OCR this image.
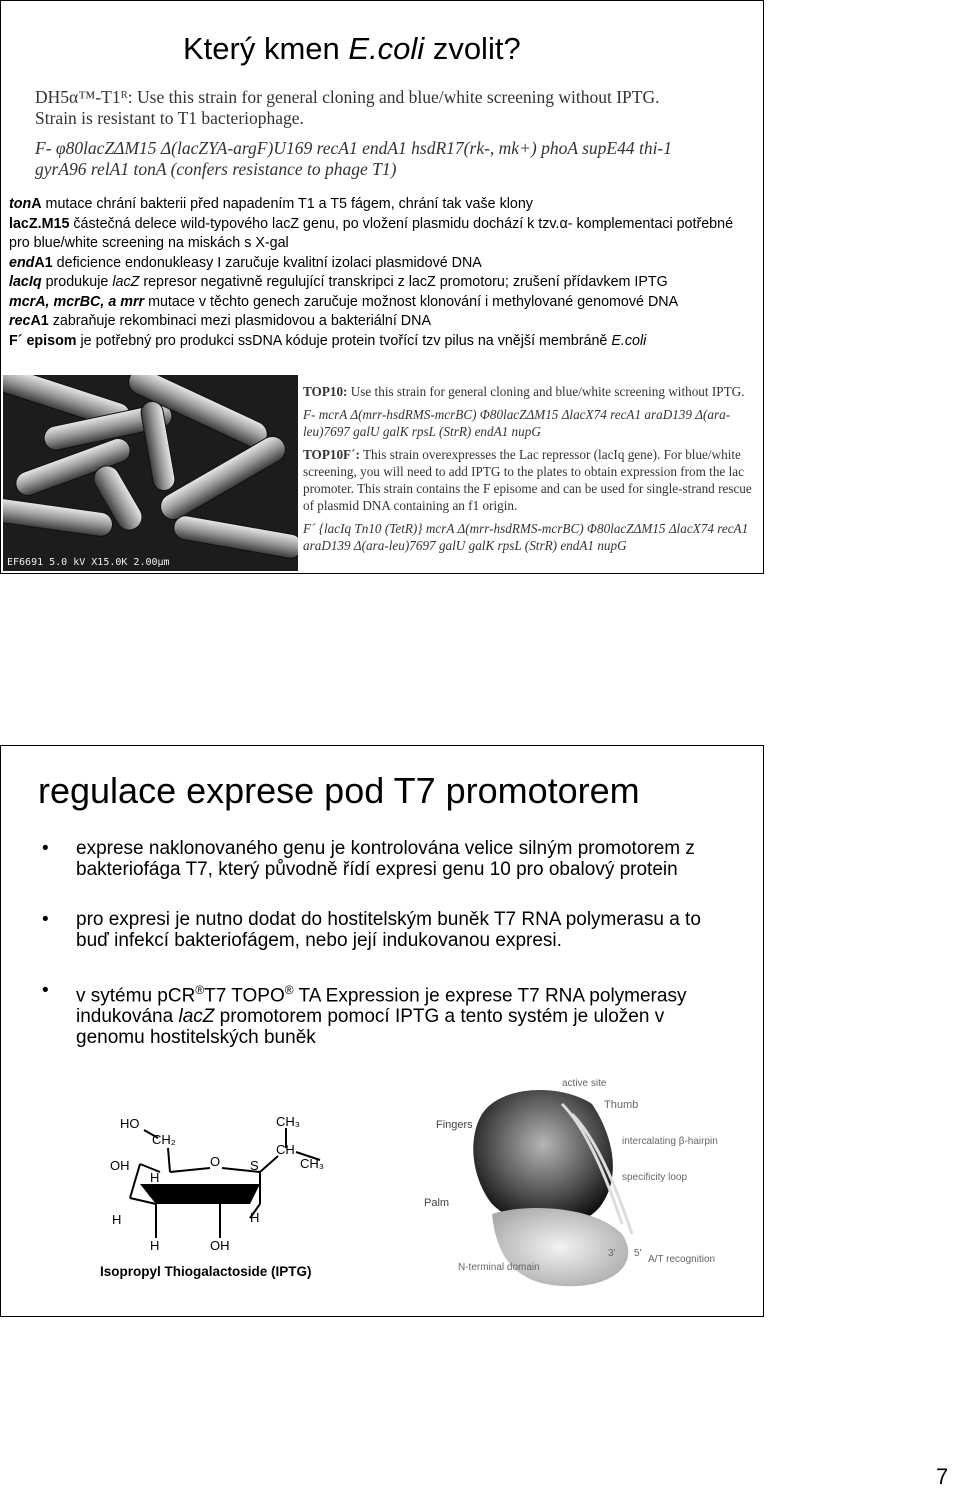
Který kmen E.coli zvolit?

DH5α™-T1ᴿ: Use this strain for general cloning and blue/white screening without IPTG. Strain is resistant to T1 bacteriophage.

F- φ80lacZΔM15 Δ(lacZYA-argF)U169 recA1 endA1 hsdR17(rk-, mk+) phoA supE44 thi-1 gyrA96 relA1 tonA (confers resistance to phage T1)

tonA mutace chrání bakterii před napadením T1 a T5 fágem, chrání tak vaše klony
lacZ.M15 částečná delece wild-typového lacZ genu, po vložení plasmidu dochází k tzv.α- komplementaci potřebné pro blue/white screening na miskách s X-gal
endA1 deficience endonukleasy I zaručuje kvalitní izolaci plasmidové DNA
lacIq produkuje lacZ represor negativně regulující transkripci z lacZ promotoru; zrušení přídavkem IPTG
mcrA, mcrBC, a mrr mutace v těchto genech zaručuje možnost klonování i methylované genomové DNA
recA1 zabraňuje rekombinaci mezi plasmidovou a bakteriální DNA
F´ episom je potřebný pro produkci ssDNA kóduje protein tvořící tzv pilus na vnější membráně E.coli
EF6691 5.0 kV X15.0K 2.00μm

TOP10: Use this strain for general cloning and blue/white screening without IPTG.

F- mcrA Δ(mrr-hsdRMS-mcrBC) Φ80lacZΔM15 ΔlacX74 recA1 araD139 Δ(ara-leu)7697 galU galK rpsL (StrR) endA1 nupG

TOP10F´: This strain overexpresses the Lac repressor (lacIq gene). For blue/white screening, you will need to add IPTG to the plates to obtain expression from the lac promoter. This strain contains the F episome and can be used for single-strand rescue of plasmid DNA containing an f1 origin.

F´ {lacIq Tn10 (TetR)} mcrA Δ(mrr-hsdRMS-mcrBC) Φ80lacZΔM15 ΔlacX74 recA1 araD139 Δ(ara-leu)7697 galU galK rpsL (StrR) endA1 nupG

regulace exprese pod T7 promotorem
• exprese naklonovaného genu je kontrolována velice silným promotorem z bakteriofága T7, který původně řídí expresi genu 10 pro obalový protein
• pro expresi je nutno dodat do hostitelským buněk T7 RNA polymerasu a to buď infekcí bakteriofágem, nebo její indukovanou expresi.
• v sytému pCR®T7 TOPO® TA Expression je exprese T7 RNA polymerasy indukována lacZ promotorem pomocí IPTG a tento systém je uložen v genomu hostitelských buněk
HO
CH₂
OH	O S
CH₃
CH
CH₃
H
OH	H
H	H
H	OH
Isopropyl Thiogalactoside (IPTG)
active site
Thumb
Fingers
intercalating β-hairpin
specificity loop
Palm
N-terminal domain
A/T recognition
3' 5'

7
